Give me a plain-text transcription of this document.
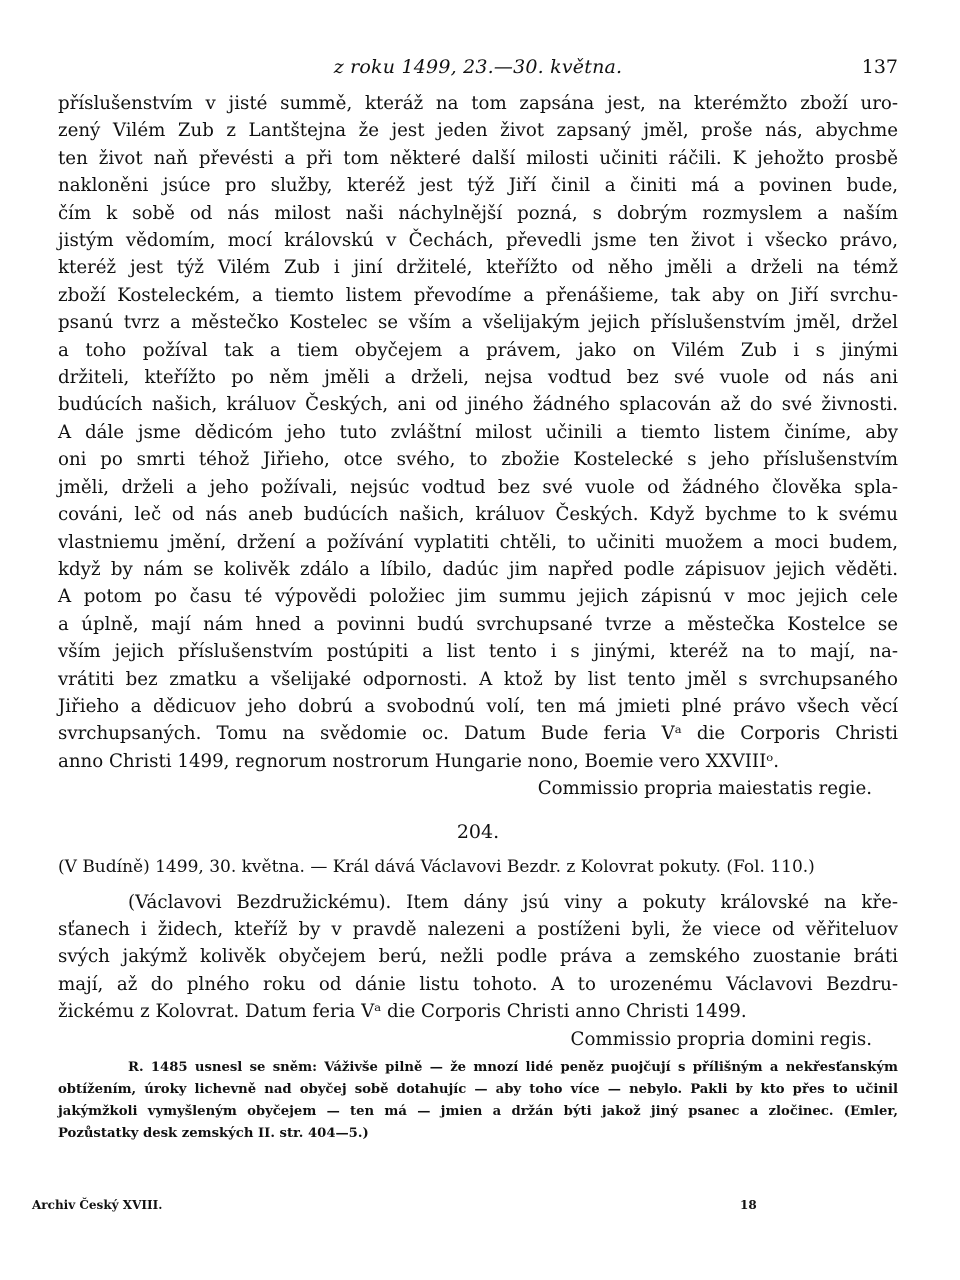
z roku 1499, 23.—30. května.	137
příslušenstvím v jisté summě, kteráž na tom zapsána jest, na kterémžto zboží uro-
zený Vilém Zub z Lantštejna že jest jeden život zapsaný jměl, proše nás, abychme
ten život naň převésti a při tom některé další milosti učiniti ráčili. K jehožto prosbě
nakloněni jsúce pro služby, kteréž jest týž Jiří činil a činiti má a povinen bude,
čím k sobě od nás milost naši náchylnější pozná, s dobrým rozmyslem a naším
jistým vědomím, mocí královskú v Čechách, převedli jsme ten život i všecko právo,
kteréž jest týž Vilém Zub i jiní držitelé, kteřížto od něho jměli a drželi na témž
zboží Kosteleckém, a tiemto listem převodíme a přenášieme, tak aby on Jiří svrchu-
psanú tvrz a městečko Kostelec se vším a všelijakým jejich příslušenstvím jměl, držel
a toho požíval tak a tiem obyčejem a právem, jako on Vilém Zub i s jinými
držiteli, kteřížto po něm jměli a drželi, nejsa vodtud bez své vuole od nás ani
budúcích našich, králuov Českých, ani od jiného žádného splacován až do své živnosti.
A dále jsme dědicóm jeho tuto zvláštní milost učinili a tiemto listem činíme, aby
oni po smrti téhož Jiřieho, otce svého, to zbožie Kostelecké s jeho příslušenstvím
jměli, drželi a jeho požívali, nejsúc vodtud bez své vuole od žádného člověka spla-
cováni, leč od nás aneb budúcích našich, králuov Českých. Když bychme to k svému
vlastniemu jmění, držení a požívání vyplatiti chtěli, to učiniti muožem a moci budem,
když by nám se kolivěk zdálo a líbilo, dadúc jim napřed podle zápisuov jejich věděti.
A potom po času té výpovědi položiec jim summu jejich zápisnú v moc jejich cele
a úplně, mají nám hned a povinni budú svrchupsané tvrze a městečka Kostelce se
vším jejich příslušenstvím postúpiti a list tento i s jinými, kteréž na to mají, na-
vrátiti bez zmatku a všelijaké odpornosti. A ktož by list tento jměl s svrchupsaného
Jiřieho a dědicuov jeho dobrú a svobodnú volí, ten má jmieti plné právo všech věcí
svrchupsaných. Tomu na svědomie oc. Datum Bude feria Vᵃ die Corporis Christi
anno Christi 1499, regnorum nostrorum Hungarie nono, Boemie vero XXVIIIᵒ.
Commissio propria maiestatis regie.
204.
(V Budíně) 1499, 30. května. — Král dává Václavovi Bezdr. z Kolovrat pokuty. (Fol. 110.)
(Václavovi Bezdružickému). Item dány jsú viny a pokuty královské na kře-
sťanech i židech, kteříž by v pravdě nalezeni a postíženi byli, že viece od věřiteluov
svých jakýmž kolivěk obyčejem berú, nežli podle práva a zemského zuostanie bráti
mají, až do plného roku od dánie listu tohoto. A to urozenému Václavovi Bezdru-
žickému z Kolovrat. Datum feria Vᵃ die Corporis Christi anno Christi 1499.
Commissio propria domini regis.
R. 1485 usnesl se sněm: Váživše pilně — že mnozí lidé peněz puojčují s přílišným a nekřesťanským
obtížením, úroky lichevně nad obyčej sobě dotahujíc — aby toho více — nebylo. Pakli by kto přes to učinil
jakýmžkoli vymyšleným obyčejem — ten má — jmien a držán býti jakož jiný psanec a zločinec. (Emler,
Pozůstatky desk zemských II. str. 404—5.)
Archiv Český XVIII.	18
